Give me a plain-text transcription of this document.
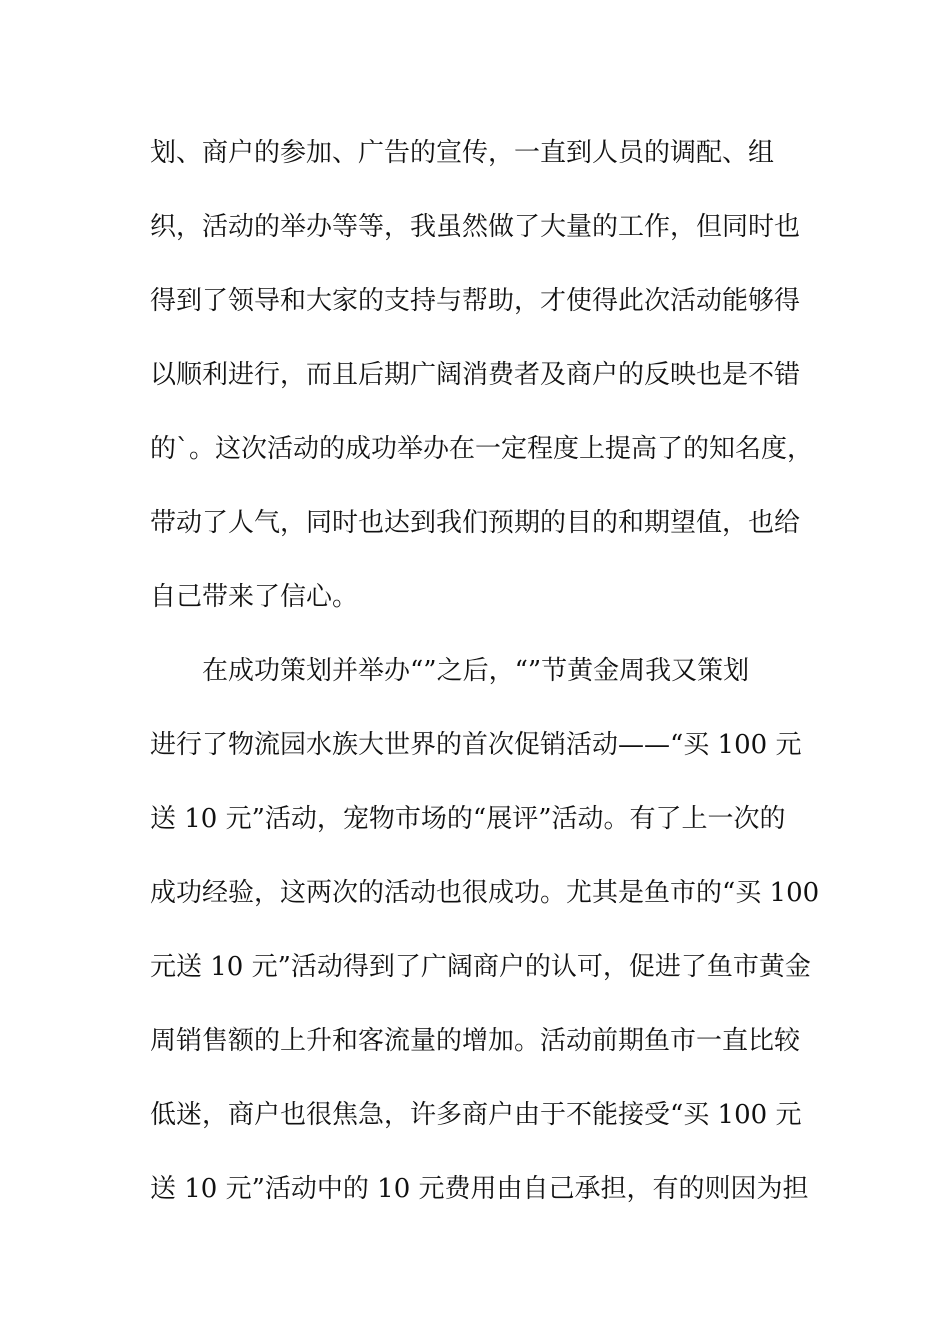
划、商户的参加、广告的宣传，一直到人员的调配、组
织，活动的举办等等，我虽然做了大量的工作，但同时也
得到了领导和大家的支持与帮助，才使得此次活动能够得
以顺利进行，而且后期广阔消费者及商户的反映也是不错
的`。这次活动的成功举办在一定程度上提高了的知名度，
带动了人气，同时也达到我们预期的目的和期望值，也给
自己带来了信心。
在成功策划并举办“”之后，“”节黄金周我又策划
进行了物流园水族大世界的首次促销活动——“买 100 元
送 10 元”活动，宠物市场的“展评”活动。有了上一次的
成功经验，这两次的活动也很成功。尤其是鱼市的“买 100
元送 10 元”活动得到了广阔商户的认可，促进了鱼市黄金
周销售额的上升和客流量的增加。活动前期鱼市一直比较
低迷，商户也很焦急，许多商户由于不能接受“买 100 元
送 10 元”活动中的 10 元费用由自己承担，有的则因为担
